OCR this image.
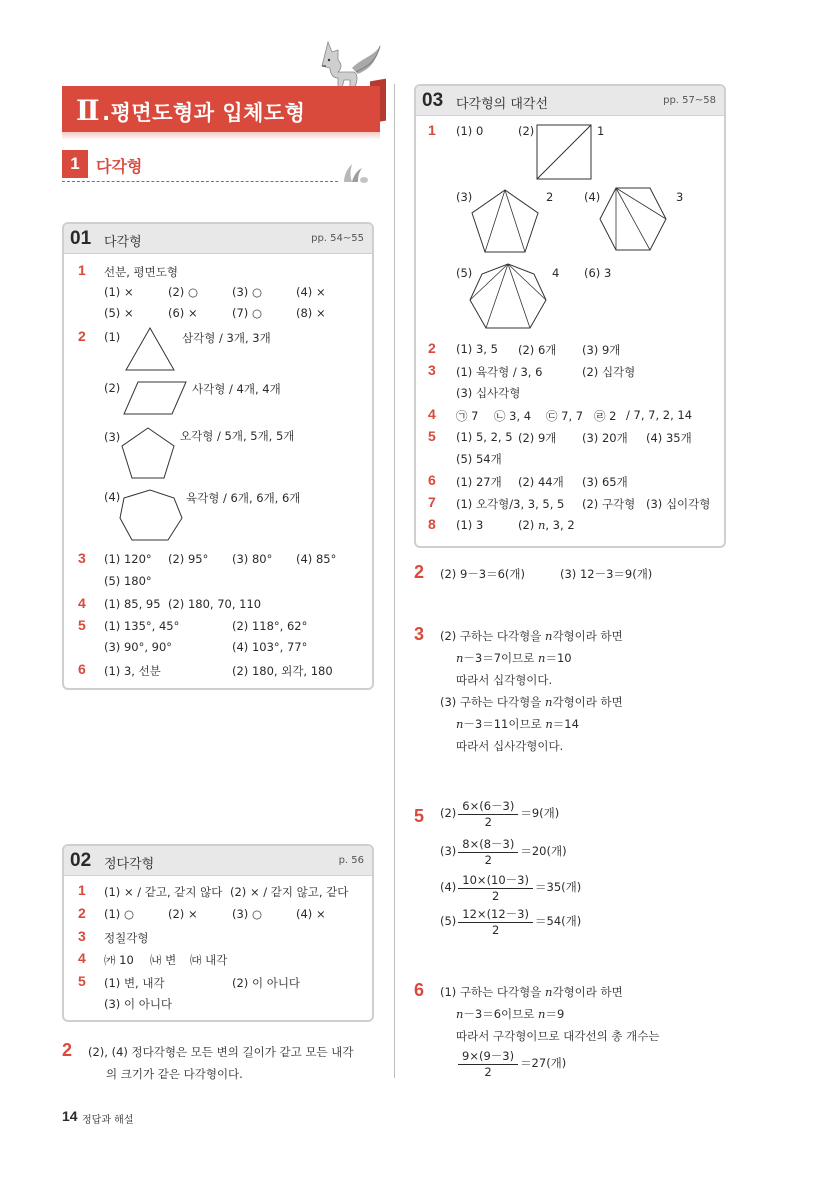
Ⅱ.평면도형과 입체도형
1	다각형
01 다각형	pp. 54~55
1 선분, 평면도형
(1) ×	(2) ○	(3) ○	(4) ×
(5) ×	(6) ×	(7) ○	(8) ×
2 (1)	삼각형 / 3개, 3개
(2)	사각형 / 4개, 4개
(3)	오각형 / 5개, 5개, 5개
(4)	육각형 / 6개, 6개, 6개
3 (1) 120° (2) 95° (3) 80° (4) 85°
(5) 180°
4 (1) 85, 95 (2) 180, 70, 110
5 (1) 135°, 45°	(2) 118°, 62°
(3) 90°, 90°	(4) 103°, 77°
6 (1) 3, 선분	(2) 180, 외각, 180
02 정다각형	p. 56
1 (1) × / 같고, 같지 않다 (2) × / 같지 않고, 같다
2 (1) ○	(2) ×	(3) ○	(4) ×
3 정칠각형
4 ㈎ 10 ㈏ 변 ㈐ 내각
5 (1) 변, 내각	(2) 이 아니다
(3) 이 아니다
2 (2), (4) 정다각형은 모든 변의 길이가 같고 모든 내각
의 크기가 같은 다각형이다.
03 다각형의 대각선	pp. 57~58
1 (1) 0	(2)	1
(3)	2	(4)	3
(5)	4 (6) 3
2 (1) 3, 5 (2) 6개 (3) 9개
3 (1) 육각형 / 3, 6	(2) 십각형
(3) 십사각형
4 ㉠ 7 ㉡ 3, 4 ㉢ 7, 7 ㉣ 2 / 7, 7, 2, 14
5 (1) 5, 2, 5 (2) 9개 (3) 20개 (4) 35개
(5) 54개
6 (1) 27개 (2) 44개 (3) 65개
7 (1) 오각형/3, 3, 5, 5 (2) 구각형 (3) 십이각형
8 (1) 3	(2) n, 3, 2
2 (2) 9－3＝6(개)	(3) 12－3＝9(개)
3 (2) 구하는 다각형을 n각형이라 하면
n－3＝7이므로 n＝10
따라서 십각형이다.
(3) 구하는 다각형을 n각형이라 하면
n－3＝11이므로 n＝14
따라서 십사각형이다.
5 $(2) \frac{6\times(6-3)}{2} =9$(개)
$(3) \frac{8\times(8-3)}{2} =20$(개)
$(4) \frac{10\times(10-3)}{2} =35$(개)
$(5) \frac{12\times(12-3)}{2} =54$(개)
6 (1) 구하는 다각형을 n각형이라 하면
n－3＝6이므로 n＝9
따라서 구각형이므로 대각선의 총 개수는
$\frac{9\times(9-3)}{2} =27$(개)
14 정답과 해설
